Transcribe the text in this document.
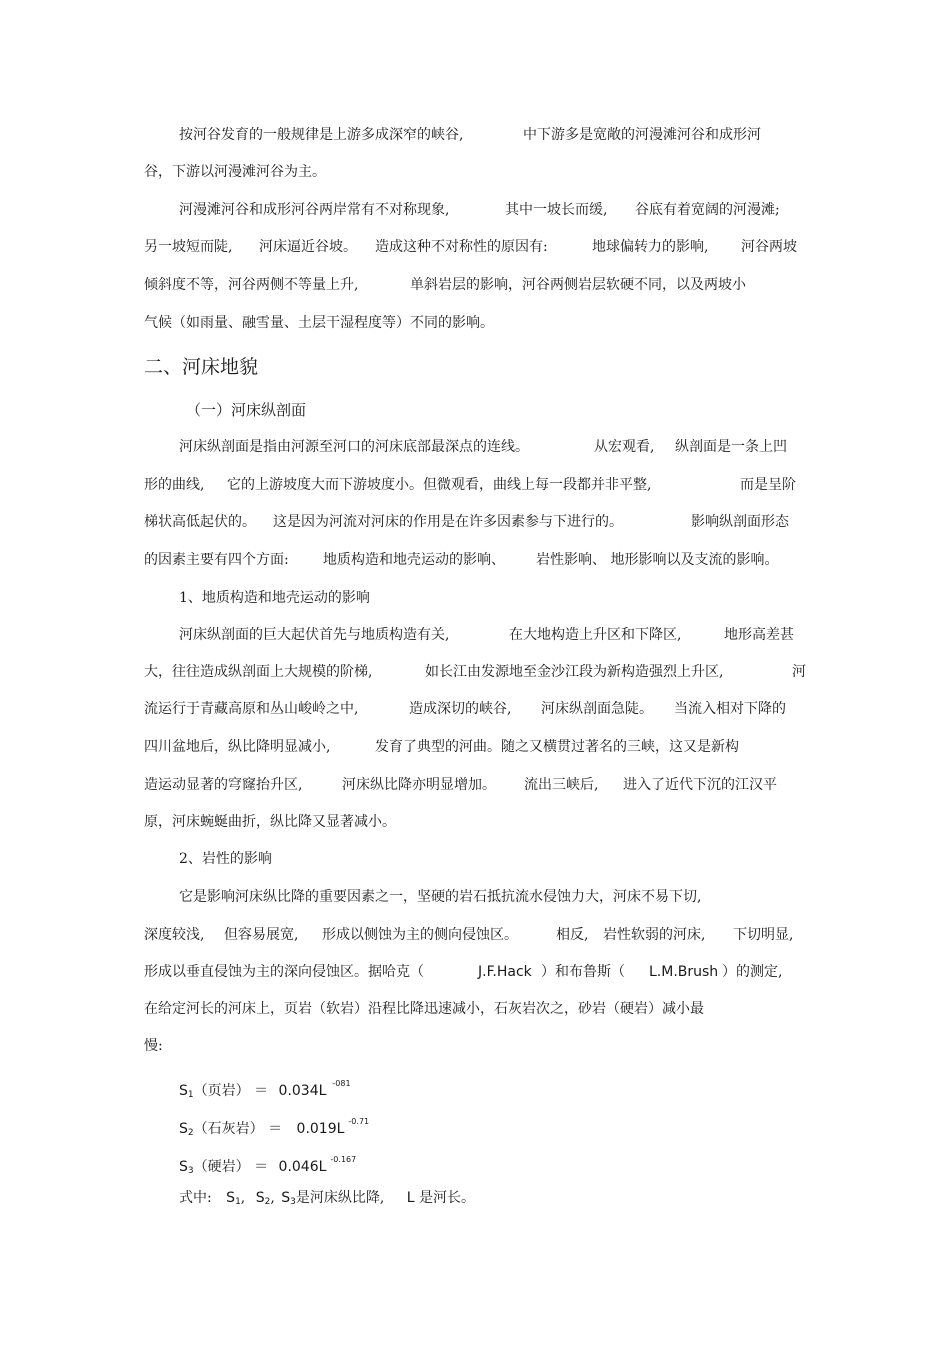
按河谷发育的一般规律是上游多成深窄的峡谷,	中下游多是宽敞的河漫滩河谷和成形河
谷，下游以河漫滩河谷为主。
河漫滩河谷和成形河谷两岸常有不对称现象,	其中一坡长而缓, 谷底有着宽阔的河漫滩;
另一坡短而陡, 河床逼近谷坡。 造成这种不对称性的原因有:	地球偏转力的影响, 河谷两坡
倾斜度不等，河谷两侧不等量上升,	单斜岩层的影响，河谷两侧岩层软硬不同，以及两坡小
气候（如雨量、融雪量、土层干湿程度等）不同的影响。
二、河床地貌
（一）河床纵剖面
河床纵剖面是指由河源至河口的河床底部最深点的连线。	从宏观看, 纵剖面是一条上凹
形的曲线, 它的上游坡度大而下游坡度小。但微观看，曲线上每一段都并非平整,	而是呈阶
梯状高低起伏的。 这是因为河流对河床的作用是在许多因素参与下进行的。	影响纵剖面形态
的因素主要有四个方面: 地质构造和地壳运动的影响、 岩性影响、 地形影响以及支流的影响。
1、地质构造和地壳运动的影响
河床纵剖面的巨大起伏首先与地质构造有关,	在大地构造上升区和下降区,	地形高差甚
大，往往造成纵剖面上大规模的阶梯,	如长江由发源地至金沙江段为新构造强烈上升区,	河
流运行于青藏高原和丛山峻岭之中,	造成深切的峡谷, 河床纵剖面急陡。 当流入相对下降的
四川盆地后，纵比降明显减小,	发育了典型的河曲。随之又横贯过著名的三峡，这又是新构
造运动显著的穹窿抬升区,	河床纵比降亦明显增加。 流出三峡后, 进入了近代下沉的江汉平
原，河床蜿蜒曲折，纵比降又显著减小。
2、岩性的影响
它是影响河床纵比降的重要因素之一，坚硬的岩石抵抗流水侵蚀力大，河床不易下切,
深度较浅, 但容易展宽, 形成以侧蚀为主的侧向侵蚀区。	相反, 岩性软弱的河床, 下切明显,
形成以垂直侵蚀为主的深向侵蚀区。据哈克（	J.F.Hack ）和布鲁斯（ L.M.Brush ）的测定,
在给定河长的河床上，页岩（软岩）沿程比降迅速减小，石灰岩次之，砂岩（硬岩）减小最
慢:
$S_1$（页岩） ＝ 0.034L $^{-081}$
$S_2$（石灰岩） ＝ 0.019L $^{-0.71}$
$S_3$（硬岩） ＝ 0.046L $^{-0.167}$
式中: $S_1$, $S_2$, $S_3$是河床纵比降, L 是河长。
